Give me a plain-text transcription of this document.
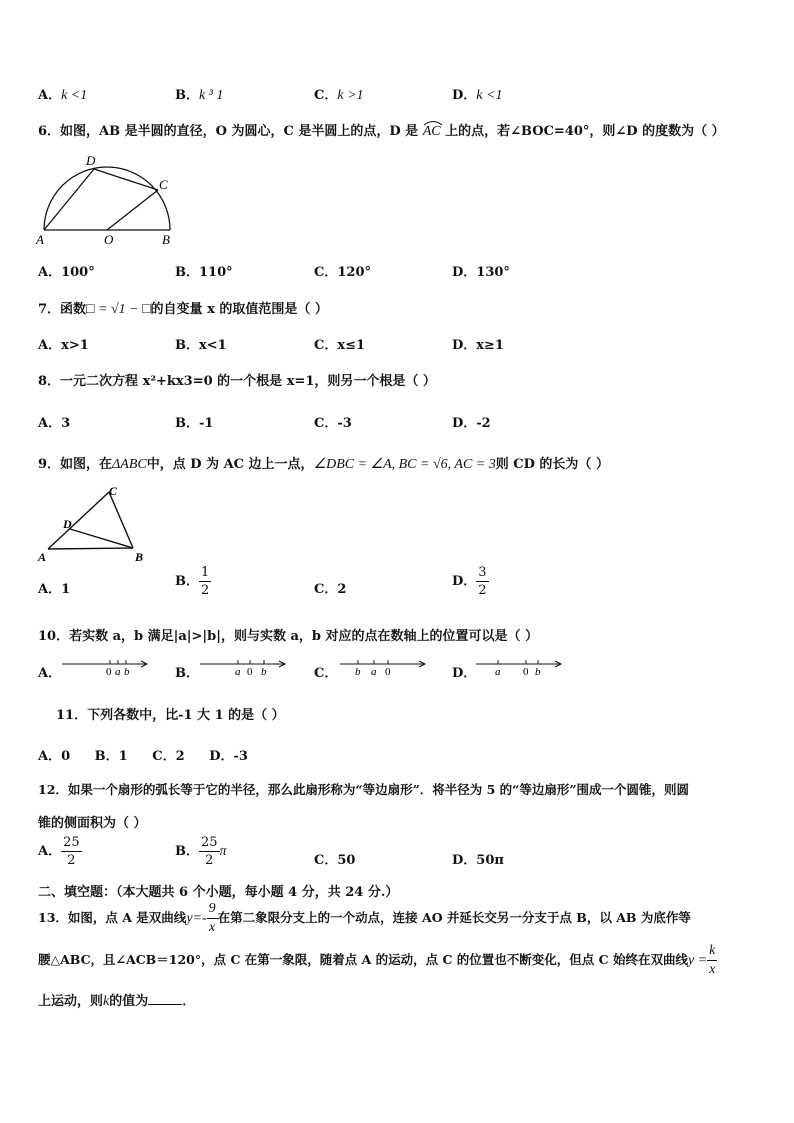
A．k <1	B．k ³ 1	C．k >1	D．k <1
6．如图，AB 是半圆的直径，O 为圆心，C 是半圆上的点，D 是 AC 上的点，若∠BOC=40°，则∠D 的度数为（ ）
D
C
A	O	B
A．100°	B．110°	C．120°	D．130°
7．函数□ = √1 − □的自变量 x 的取值范围是（ ）
A．x>1	B．x<1	C．x≤1	D．x≥1
8．一元二次方程 x²+kx3=0 的一个根是 x=1，则另一个根是（ ）
A．3	B．-1	C．-3	D．-2
9．如图，在ΔABC中，点 D 为 AC 边上一点，∠DBC = ∠A, BC = √6, AC = 3则 CD 的长为（ ）
C
D
A	B
A．1
B． $\frac{1}{2}$	C．2
D． $\frac{3}{2}$
10．若实数 a，b 满足|a|>|b|，则与实数 a，b 对应的点在数轴上的位置可以是（ ）
A．	0 a b	B．	a 0 b	C． b a 0	D． a 0 b
11．下列各数中，比-1 大 1 的是（ ）
A．0 B．1 C．2 D．-3
12．如果一个扇形的弧长等于它的半径，那么此扇形称为“等边扇形”．将半径为 5 的“等边扇形”围成一个圆锥，则圆
锥的侧面积为（ ）
A． $\frac{25}{2}$	B． $\frac{25}{2}$ π
C．50	D．50π
二、填空题：（本大题共 6 个小题，每小题 4 分，共 24 分.）
13．如图，点 A 是双曲线$y=- \frac{9}{x}$ 在第二象限分支上的一个动点，连接 AO 并延长交另一分支于点 B，以 AB 为底作等
腰△ABC，且∠ACB＝120°，点 C 在第一象限，随着点 A 的运动，点 C 的位置也不断变化，但点 C 始终在双曲线$y = \frac{k}{x}$
上运动，则k的值为	．
